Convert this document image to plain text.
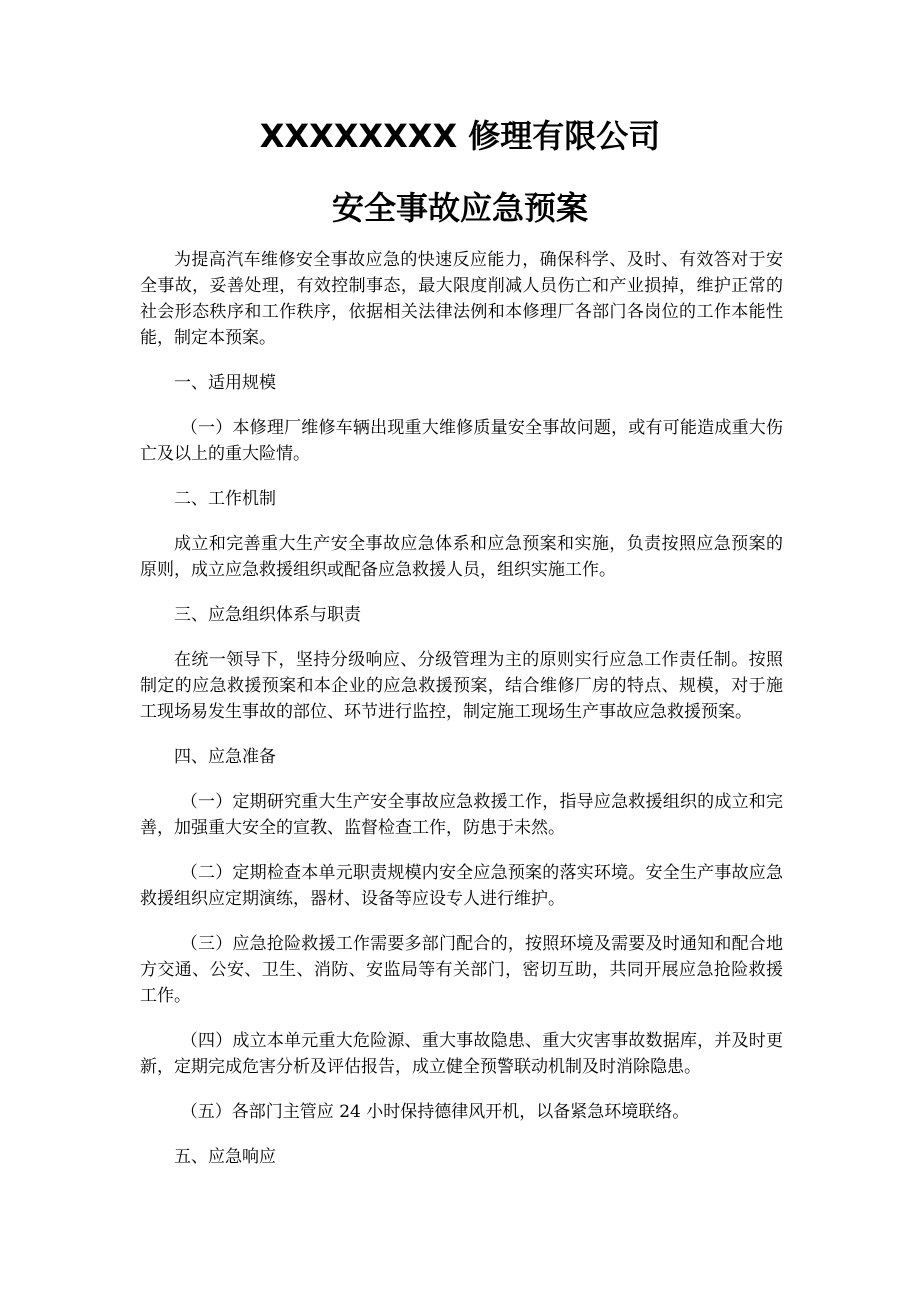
XXXXXXXX 修理有限公司
安全事故应急预案

为提高汽车维修安全事故应急的快速反应能力，确保科学、及时、有效答对于安全事故，妥善处理，有效控制事态，最大限度削减人员伤亡和产业损掉，维护正常的社会形态秩序和工作秩序，依据相关法律法例和本修理厂各部门各岗位的工作本能性能，制定本预案。

一、适用规模

（一）本修理厂维修车辆出现重大维修质量安全事故问题，或有可能造成重大伤亡及以上的重大险情。

二、工作机制

成立和完善重大生产安全事故应急体系和应急预案和实施，负责按照应急预案的原则，成立应急救援组织或配备应急救援人员，组织实施工作。

三、应急组织体系与职责

在统一领导下，坚持分级响应、分级管理为主的原则实行应急工作责任制。按照制定的应急救援预案和本企业的应急救援预案，结合维修厂房的特点、规模，对于施工现场易发生事故的部位、环节进行监控，制定施工现场生产事故应急救援预案。

四、应急准备

（一）定期研究重大生产安全事故应急救援工作，指导应急救援组织的成立和完善，加强重大安全的宣教、监督检查工作，防患于未然。

（二）定期检查本单元职责规模内安全应急预案的落实环境。安全生产事故应急救援组织应定期演练，器材、设备等应设专人进行维护。

（三）应急抢险救援工作需要多部门配合的，按照环境及需要及时通知和配合地方交通、公安、卫生、消防、安监局等有关部门，密切互助，共同开展应急抢险救援工作。

（四）成立本单元重大危险源、重大事故隐患、重大灾害事故数据库，并及时更新，定期完成危害分析及评估报告，成立健全预警联动机制及时消除隐患。

（五）各部门主管应 24 小时保持德律风开机，以备紧急环境联络。

五、应急响应
